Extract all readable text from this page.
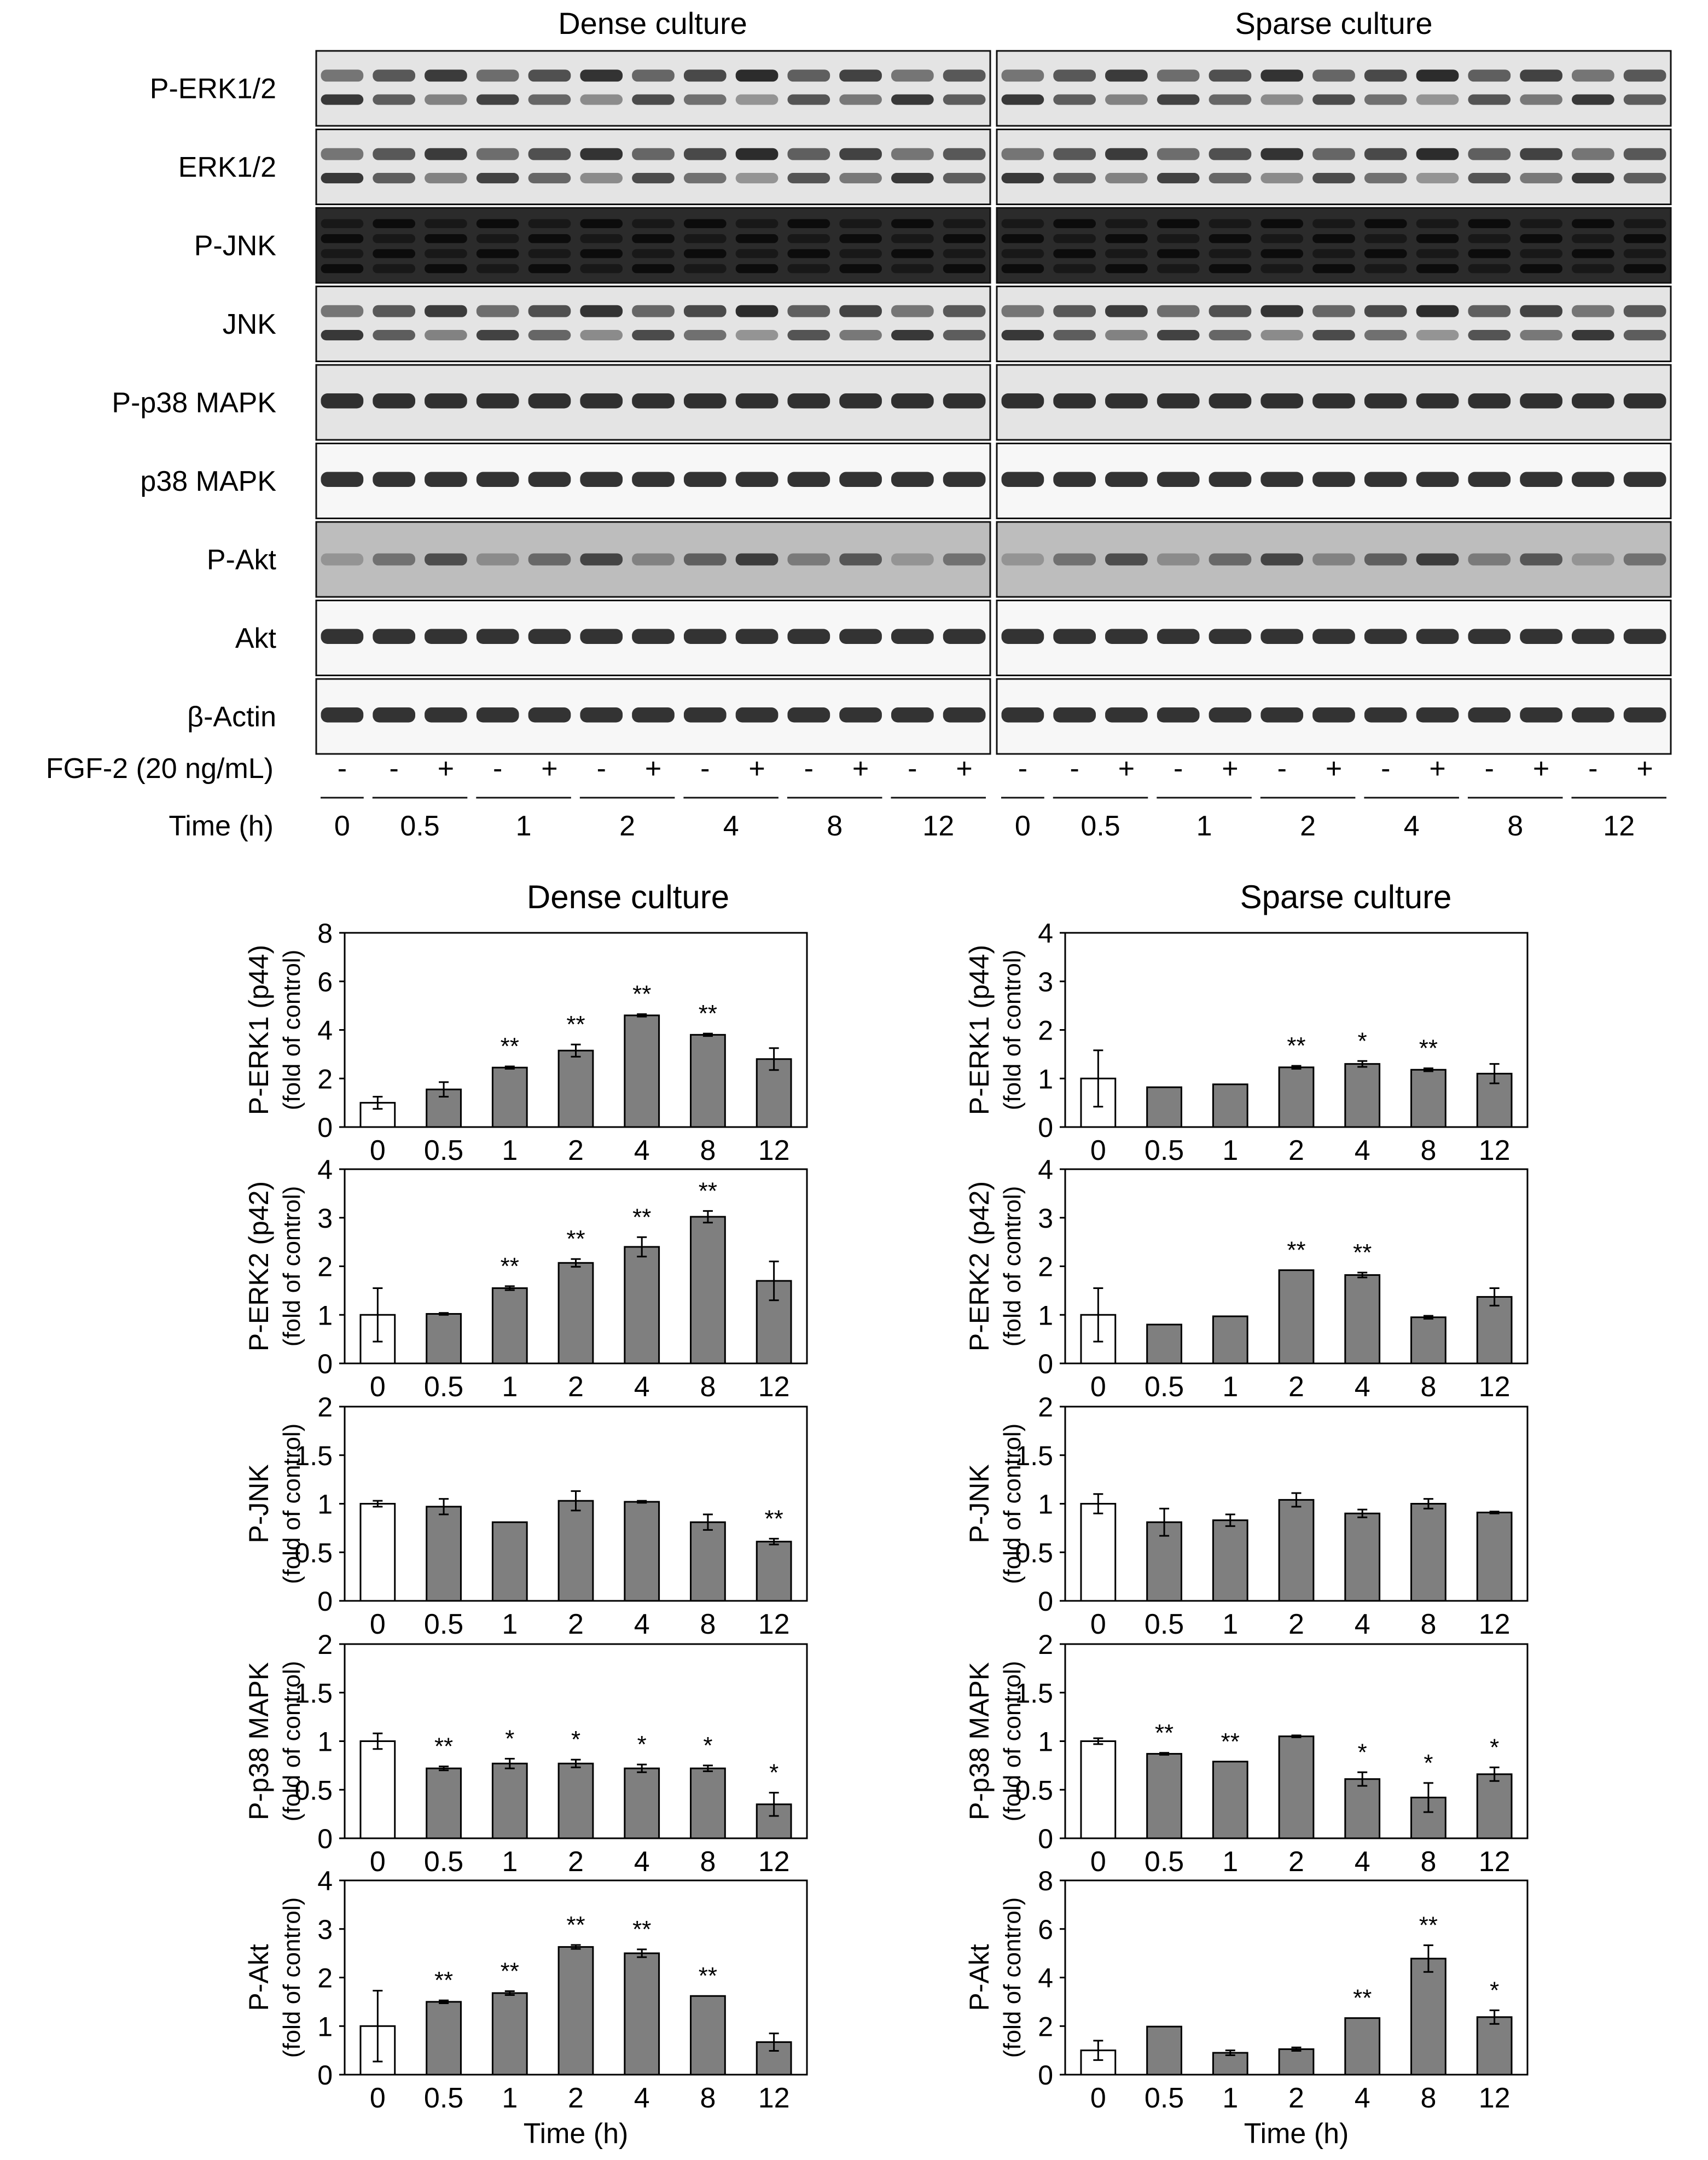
Dense culture	Sparse culture
P-ERK1/2
ERK1/2
P-JNK
JNK
P-p38 MAPK
p38 MAPK
P-Akt
Akt
β-Actin
FGF-2 (20 ng/mL)
Time (h)
- - + - + - + - + - + - +
0 0.5	1	2	4	8	12
- - + - + - + - + - + - +
0 0.5	1	2	4	8	12
Dense culture	Sparse culture
0
2
4
6
8
P-ERK1 (p44) (fold of control)
0 0.5
**
1
**
2
**
4
**
8 12
0
1
2
3
4
P-ERK1 (p44) (fold of control)
0 0.5 1
**
2
*
4
**
8 12
0
1
2
3
4
P-ERK2 (p42) (fold of control)
0 0.5
**
1
**
2
**
4
**
8 12
0
1
2
3
4
P-ERK2 (p42) (fold of control)
0 0.5 1
**
2
**
4 8 12
0
0.5
1
1.5
2
P-JNK (fold of control)
0 0.5 1 2 4 8
**
12
0
0.5
1
1.5
2
P-JNK (fold of control)
0 0.5 1 2 4 8 12
0
0.5
1
1.5
2
P-p38 MAPK (fold of control)
0
**
0.5
*
1
*
2
*
4
*
8
*
12
0
0.5
1
1.5
2
P-p38 MAPK (fold of control)
0
**
0.5
**
1 2
*
4
*
8
*
12
0
1
2
3
4
P-Akt (fold of control)
0
**
0.5
**
1
**
2
**
4
**
8 12
Time (h)
0
2
4
6
8
P-Akt (fold of control)
0 0.5 1 2
**
4
**
8
*
12
Time (h)
